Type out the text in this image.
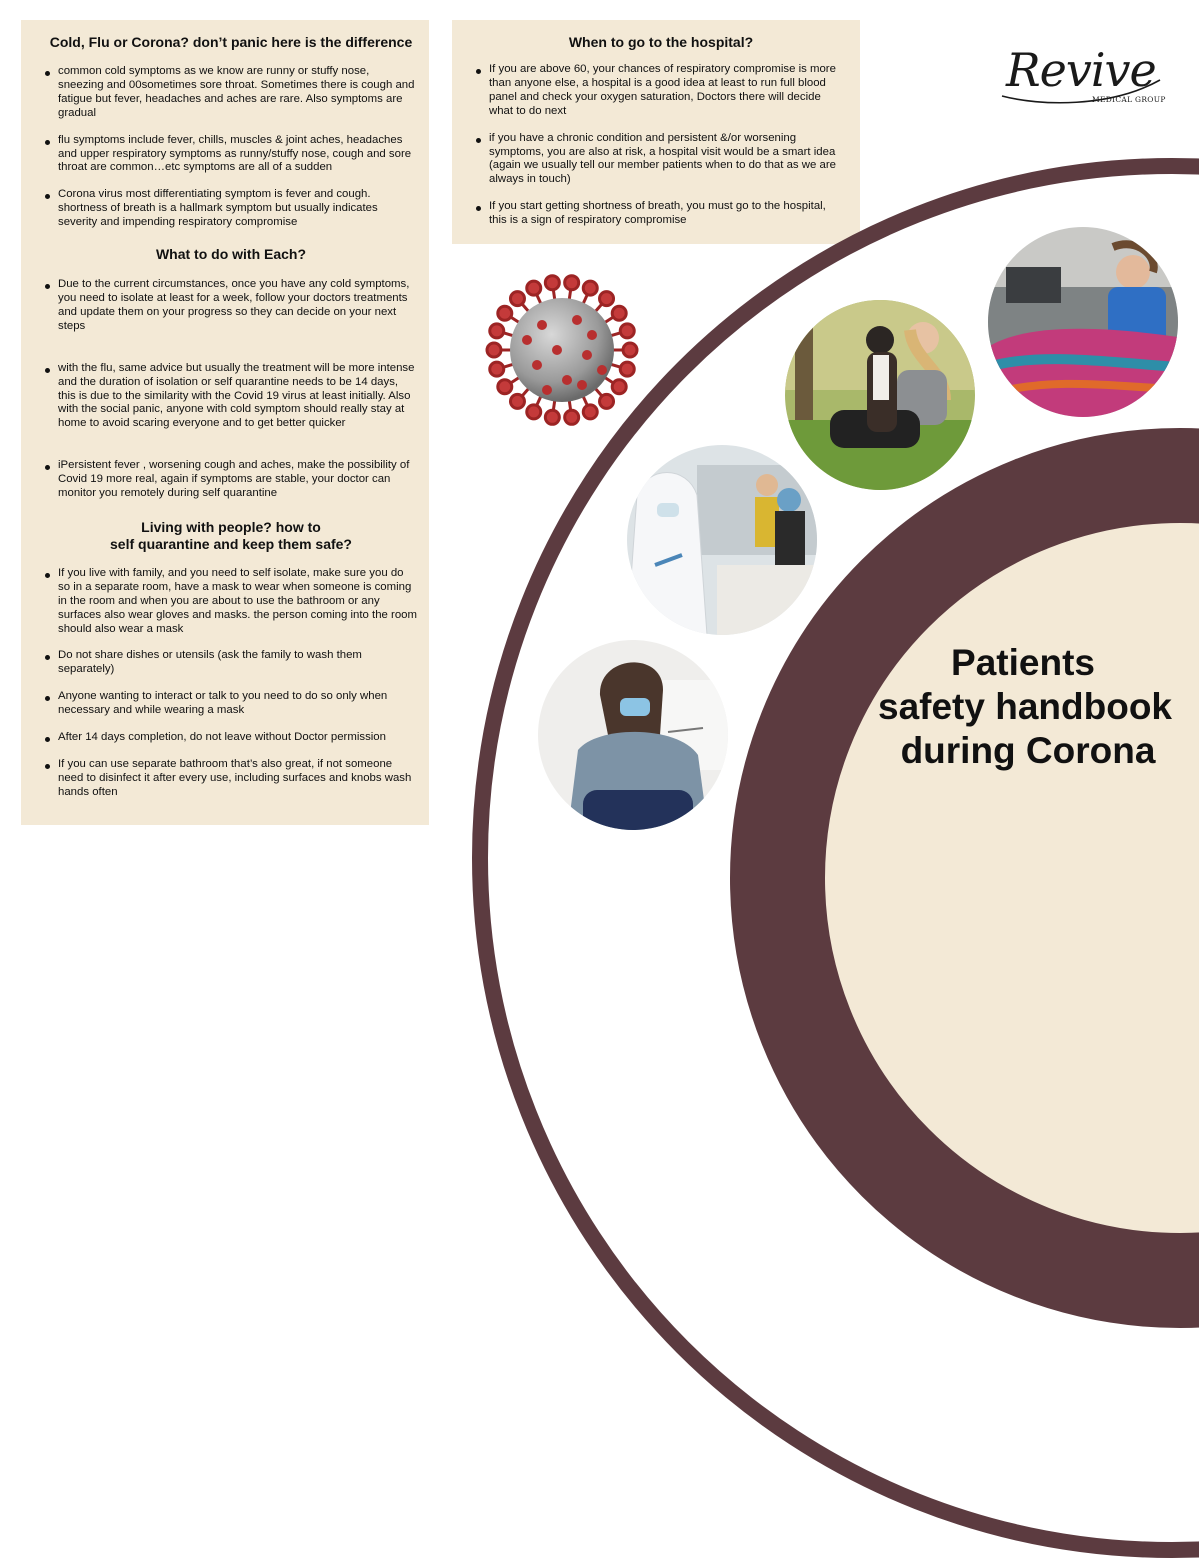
Cold, Flu or Corona? don’t panic here is the difference
common cold symptoms as we know are runny or stuffy nose, sneezing and 00sometimes sore throat. Sometimes there is cough and fatigue but fever, headaches and aches are rare. Also symptoms are gradual
flu symptoms include fever, chills, muscles & joint aches, headaches and upper respiratory symptoms as runny/stuffy nose, cough and sore throat are common…etc symptoms are all of a sudden
Corona virus most differentiating symptom is fever and cough. shortness of breath is a hallmark symptom but usually indicates severity and impending respiratory compromise
What to do with Each?
Due to the current circumstances, once you have any cold symptoms, you need to isolate at least for a week, follow your doctors treatments and update them on your progress so they can decide on your next steps
with the flu, same advice but usually the treatment will be more intense and the duration of isolation or self quarantine needs to be 14 days, this is due to the similarity with the Covid 19 virus at least initially. Also with the social panic, anyone with cold symptom should really stay at home to avoid scaring everyone and to get better quicker
iPersistent fever , worsening cough and aches, make the possibility of Covid 19 more real, again if symptoms are stable, your doctor can monitor you remotely during self quarantine
Living with people? how to
self quarantine and keep them safe?
If you live with family, and you need to self isolate, make sure you do so in a separate room, have a mask to wear when someone is coming in the room and when you are about to use the bathroom or any surfaces also wear gloves and masks. the person coming into the room should also wear a mask
Do not share dishes or utensils (ask the family to wash them separately)
Anyone wanting to interact or talk to you need to do so only when necessary and while wearing a mask
After 14 days completion, do not leave without Doctor permission
If you can use separate bathroom that’s also great, if not someone need to disinfect it after every use, including surfaces and knobs wash hands often
When to go to the hospital?
If you are above 60, your chances of respiratory compromise is more than anyone else, a hospital is a good idea at least to run full blood panel and check your oxygen saturation, Doctors there will decide what to do next
if you have a chronic condition and persistent &/or worsening symptoms, you are also at risk, a hospital visit would be a smart idea (again we usually tell our member patients when to do that as we are always in touch)
If you start getting shortness of breath, you must go to the hospital, this is a sign of respiratory compromise
Revive
MEDICAL GROUP
Patients
safety handbook
during Corona
